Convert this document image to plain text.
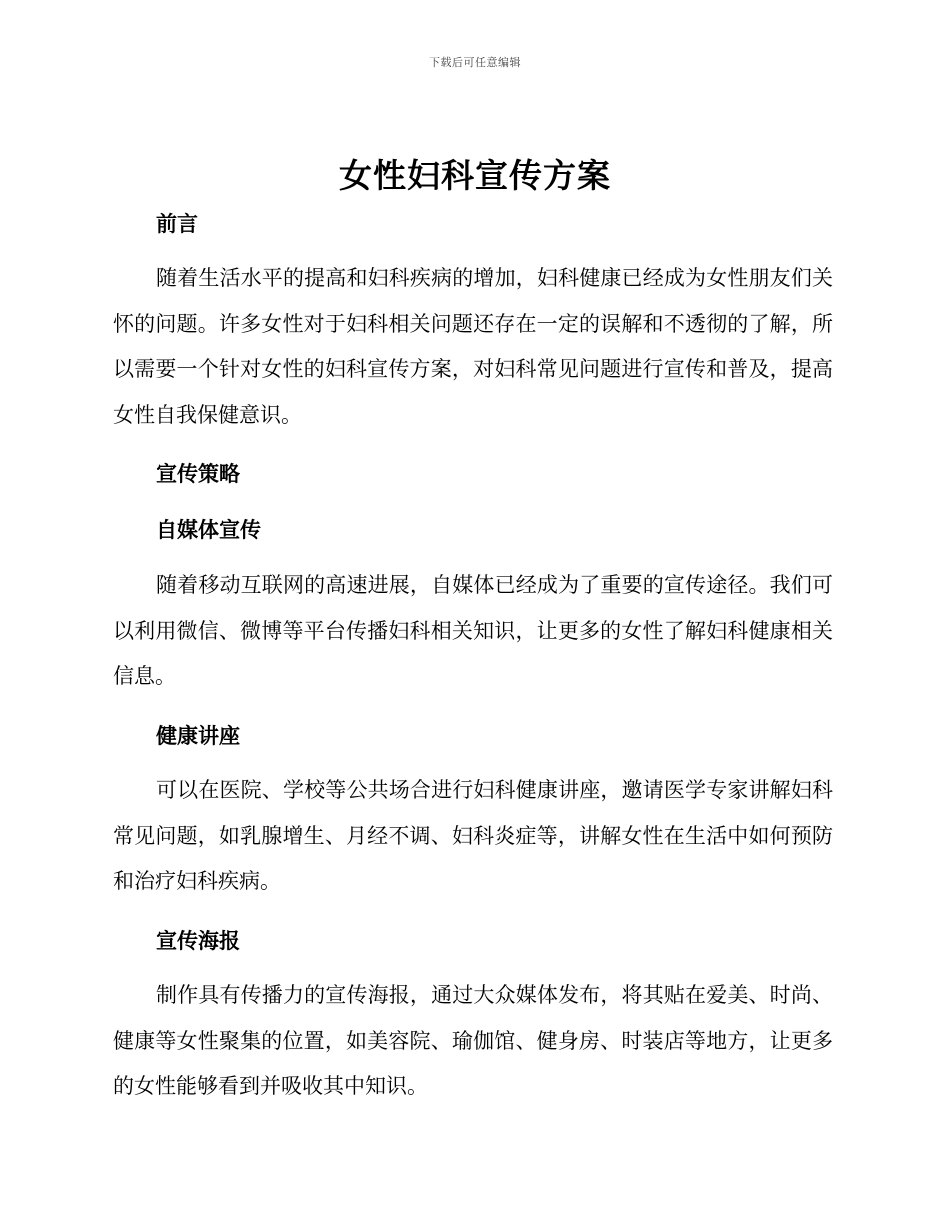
下载后可任意编辑
女性妇科宣传方案
前言

随着生活水平的提高和妇科疾病的增加，妇科健康已经成为女性朋友们关怀的问题。许多女性对于妇科相关问题还存在一定的误解和不透彻的了解，所以需要一个针对女性的妇科宣传方案，对妇科常见问题进行宣传和普及，提高女性自我保健意识。

宣传策略
自媒体宣传

随着移动互联网的高速进展，自媒体已经成为了重要的宣传途径。我们可以利用微信、微博等平台传播妇科相关知识，让更多的女性了解妇科健康相关信息。

健康讲座

可以在医院、学校等公共场合进行妇科健康讲座，邀请医学专家讲解妇科常见问题，如乳腺增生、月经不调、妇科炎症等，讲解女性在生活中如何预防和治疗妇科疾病。

宣传海报

制作具有传播力的宣传海报，通过大众媒体发布，将其贴在爱美、时尚、健康等女性聚集的位置，如美容院、瑜伽馆、健身房、时装店等地方，让更多的女性能够看到并吸收其中知识。
